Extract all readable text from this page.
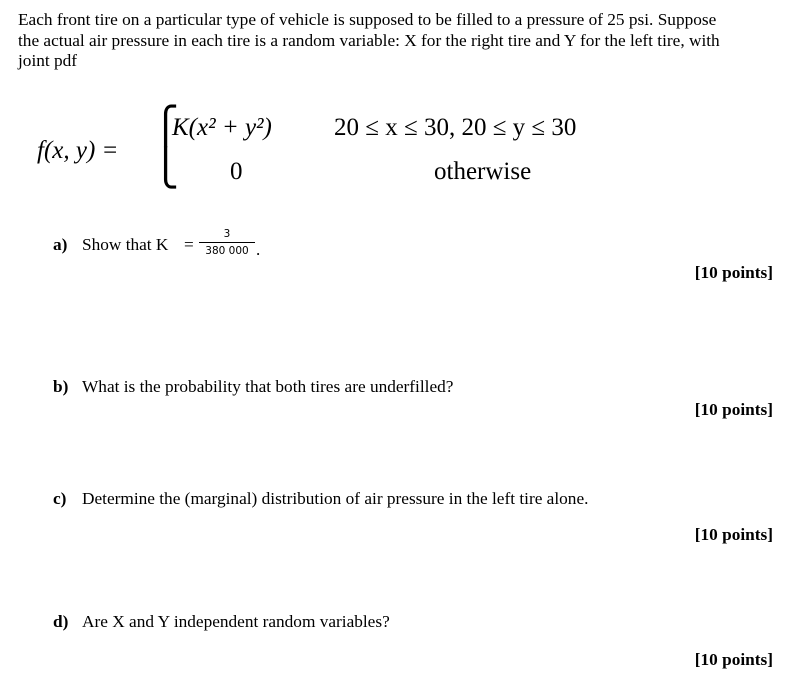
Each front tire on a particular type of vehicle is supposed to be filled to a pressure of 25 psi. Suppose
the actual air pressure in each tire is a random variable: X for the right tire and Y for the left tire, with
joint pdf
f(x, y) =
⎧
⎩
K(x² + y²) 20 ≤ x ≤ 30, 20 ≤ y ≤ 30
0	otherwise
a) Show that K =
3
380 000 .
[10 points]
b) What is the probability that both tires are underfilled?
[10 points]
c) Determine the (marginal) distribution of air pressure in the left tire alone.
[10 points]
d) Are X and Y independent random variables?
[10 points]
